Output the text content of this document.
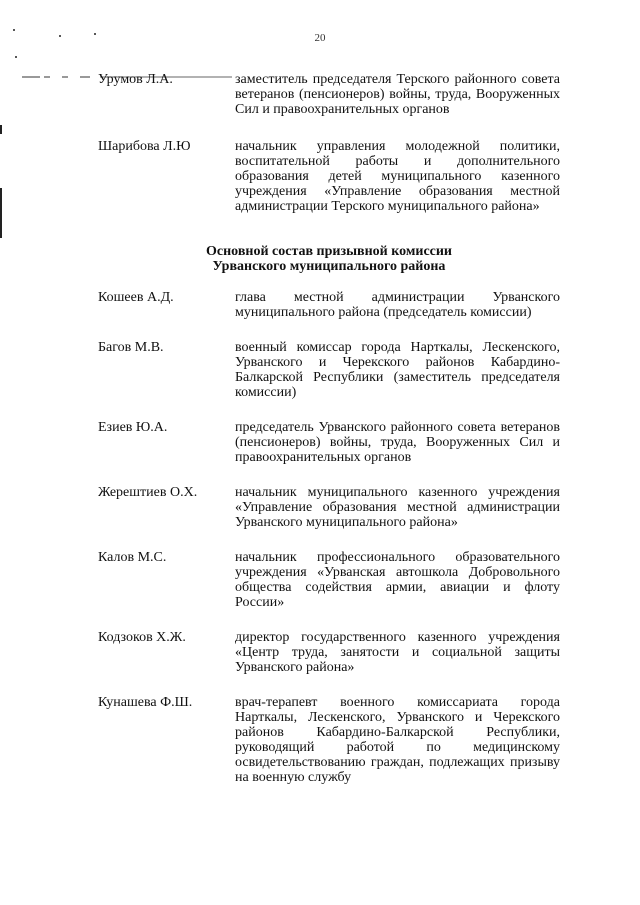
20
Урумов Л.А.	заместитель председателя Терского районного совета ветеранов (пенсионеров) войны, труда, Вооруженных Сил и правоохранительных органов
Шарибова Л.Ю	начальник управления молодежной политики, воспитательной работы и дополнительного образования детей муниципального казенного учреждения «Управление образования местной администрации Терского муниципального района»
Основной состав призывной комиссии
Урванского муниципального района
Кошеев А.Д.	глава местной администрации Урванского муниципального района (председатель комиссии)
Багов М.В.	военный комиссар города Нарткалы, Лескенского, Урванского и Черекского районов Кабардино-Балкарской Республики (заместитель председателя комиссии)
Езиев Ю.А.	председатель Урванского районного совета ветеранов (пенсионеров) войны, труда, Вооруженных Сил и правоохранительных органов
Жерештиев О.Х.	начальник муниципального казенного учреждения «Управление образования местной администрации Урванского муниципального района»
Калов М.С.	начальник профессионального образовательного учреждения «Урванская автошкола Добровольного общества содействия армии, авиации и флоту России»
Кодзоков Х.Ж.	директор государственного казенного учреждения «Центр труда, занятости и социальной защиты Урванского района»
Кунашева Ф.Ш.	врач-терапевт военного комиссариата города Нарткалы, Лескенского, Урванского и Черекского районов Кабардино-Балкарской Республики, руководящий работой по медицинскому освидетельствованию граждан, подлежащих призыву на военную службу
